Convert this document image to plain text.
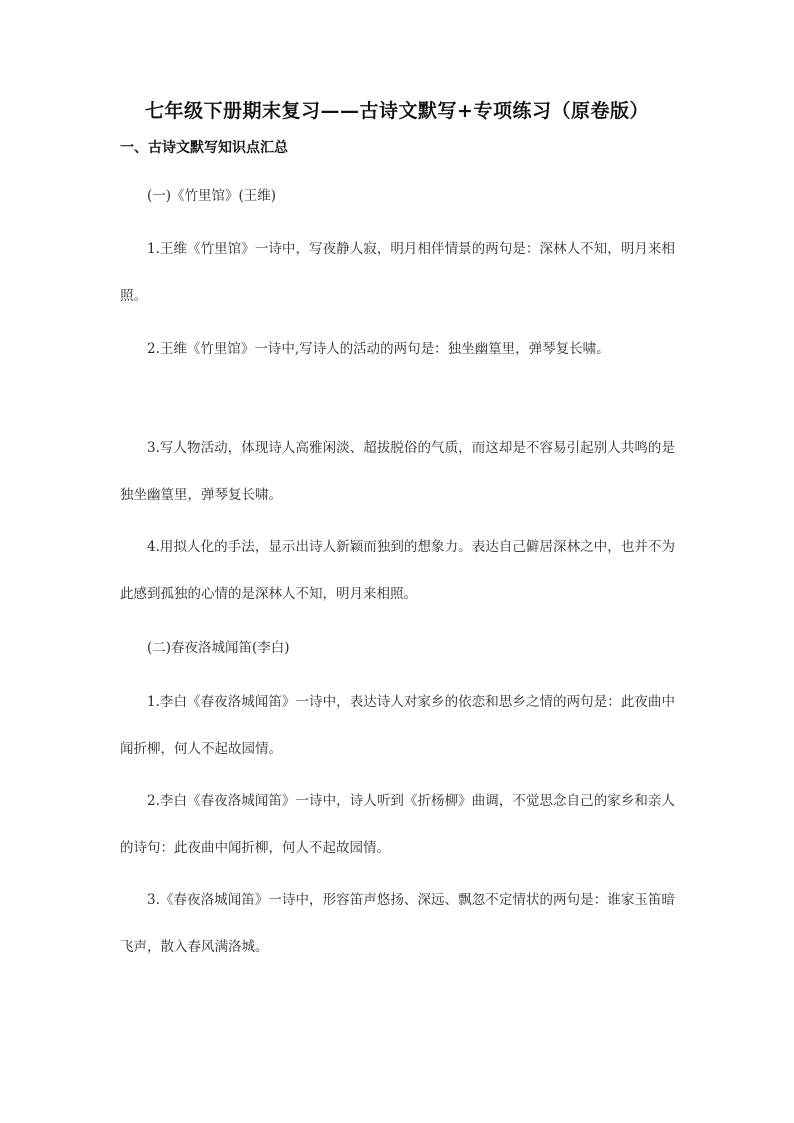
七年级下册期末复习——古诗文默写+专项练习（原卷版）
一、古诗文默写知识点汇总

(一)《竹里馆》(王维)

1.王维《竹里馆》一诗中，写夜静人寂，明月相伴情景的两句是：深林人不知，明月来相照。

2.王维《竹里馆》一诗中,写诗人的活动的两句是：独坐幽篁里，弹琴复长啸。

3.写人物活动，体现诗人高雅闲淡、超拔脱俗的气质，而这却是不容易引起别人共鸣的是独坐幽篁里，弹琴复长啸。

4.用拟人化的手法，显示出诗人新颖而独到的想象力。表达自己僻居深林之中，也并不为此感到孤独的心情的是深林人不知，明月来相照。

(二)春夜洛城闻笛(李白)

1.李白《春夜洛城闻笛》一诗中，表达诗人对家乡的依恋和思乡之情的两句是：此夜曲中闻折柳，何人不起故园情。

2.李白《春夜洛城闻笛》一诗中，诗人听到《折杨柳》曲调，不觉思念自己的家乡和亲人的诗句：此夜曲中闻折柳，何人不起故园情。

3.《春夜洛城闻笛》一诗中，形容笛声悠扬、深远、飘忽不定情状的两句是：谁家玉笛暗飞声，散入春风满洛城。
